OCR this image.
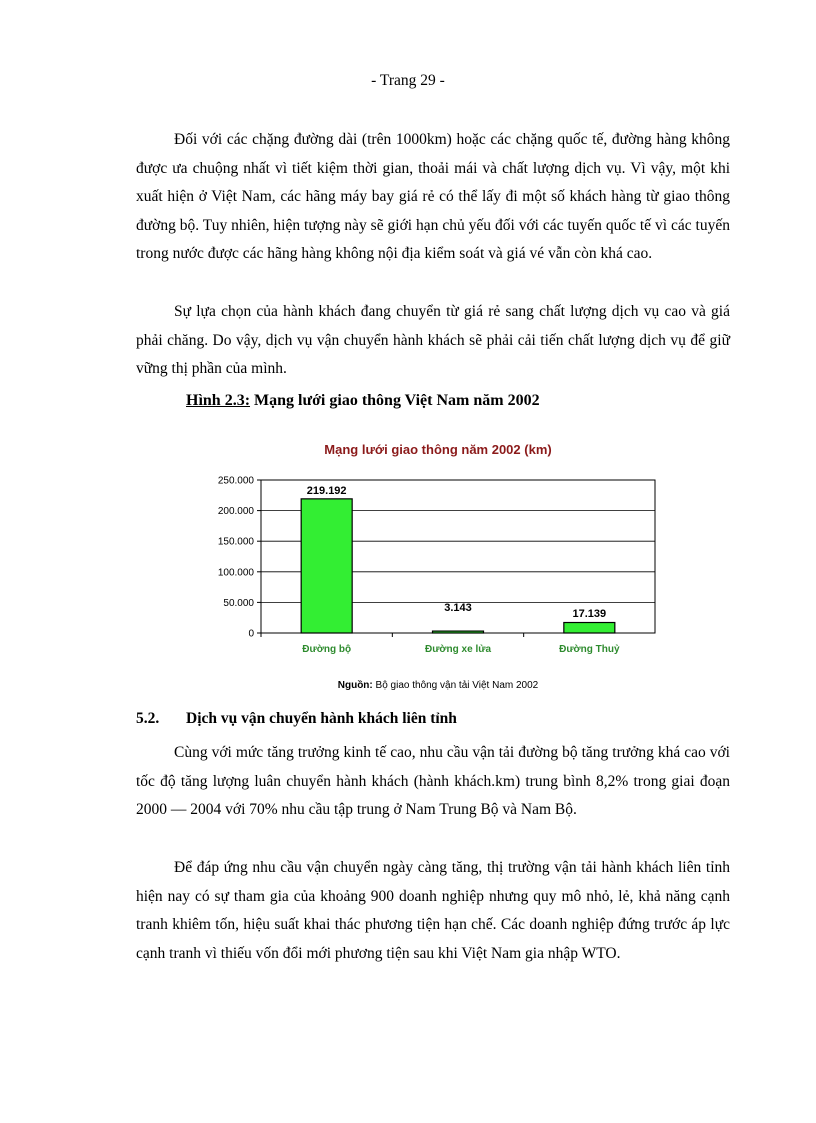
- Trang 29 -

Đối với các chặng đường dài (trên 1000km) hoặc các chặng quốc tế, đường hàng không được ưa chuộng nhất vì tiết kiệm thời gian, thoải mái và chất lượng dịch vụ. Vì vậy, một khi xuất hiện ở Việt Nam, các hãng máy bay giá rẻ có thể lấy đi một số khách hàng từ giao thông đường bộ. Tuy nhiên, hiện tượng này sẽ giới hạn chủ yếu đối với các tuyến quốc tế vì các tuyến trong nước được các hãng hàng không nội địa kiểm soát và giá vé vẫn còn khá cao.

Sự lựa chọn của hành khách đang chuyển từ giá rẻ sang chất lượng dịch vụ cao và giá phải chăng. Do vậy, dịch vụ vận chuyển hành khách sẽ phải cải tiến chất lượng dịch vụ để giữ vững thị phần của mình.

Hình 2.3: Mạng lưới giao thông Việt Nam năm 2002
Mạng lưới giao thông năm 2002 (km)
0
50.000
100.000
150.000
200.000
250.000
219.192
Đường bộ
3.143
Đường xe lửa
17.139
Đường Thuỷ
Nguồn: Bộ giao thông vận tải Việt Nam 2002
5.2. Dịch vụ vận chuyển hành khách liên tỉnh

Cùng với mức tăng trưởng kinh tế cao, nhu cầu vận tải đường bộ tăng trưởng khá cao với tốc độ tăng lượng luân chuyển hành khách (hành khách.km) trung bình 8,2% trong giai đoạn 2000 — 2004 với 70% nhu cầu tập trung ở Nam Trung Bộ và Nam Bộ.

Để đáp ứng nhu cầu vận chuyển ngày càng tăng, thị trường vận tải hành khách liên tỉnh hiện nay có sự tham gia của khoảng 900 doanh nghiệp nhưng quy mô nhỏ, lẻ, khả năng cạnh tranh khiêm tốn, hiệu suất khai thác phương tiện hạn chế. Các doanh nghiệp đứng trước áp lực cạnh tranh vì thiếu vốn đổi mới phương tiện sau khi Việt Nam gia nhập WTO.
